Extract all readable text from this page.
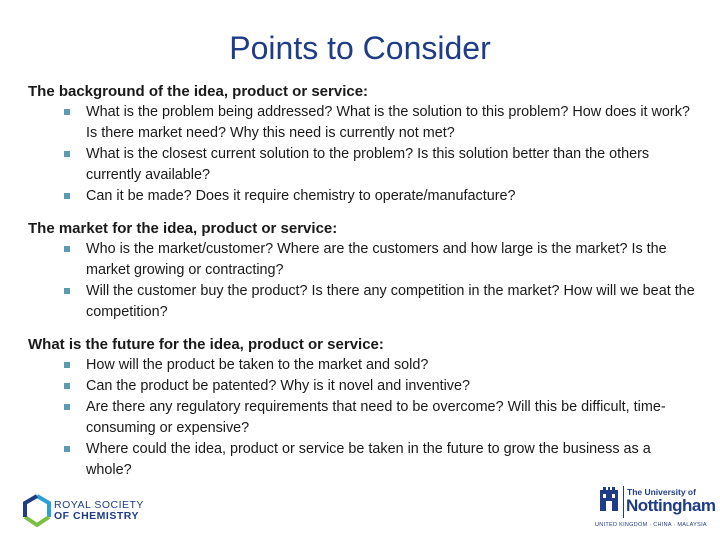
Points to Consider

The background of the idea, product or service:

What is the problem being addressed? What is the solution to this problem? How does it work? Is there market need? Why this need is currently not met?
What is the closest current solution to the problem? Is this solution better than the others currently available?
Can it be made? Does it require chemistry to operate/manufacture?

The market for the idea, product or service:

Who is the market/customer? Where are the customers and how large is the market? Is the market growing or contracting?
Will the customer buy the product? Is there any competition in the market? How will we beat the competition?

What is the future for the idea, product or service:

How will the product be taken to the market and sold?
Can the product be patented? Why is it novel and inventive?
Are there any regulatory requirements that need to be overcome? Will this be difficult, time-consuming or expensive?
Where could the idea, product or service be taken in the future to grow the business as a whole?
ROYAL SOCIETY
OF CHEMISTRY
The University of
Nottingham
UNITED KINGDOM · CHINA · MALAYSIA
